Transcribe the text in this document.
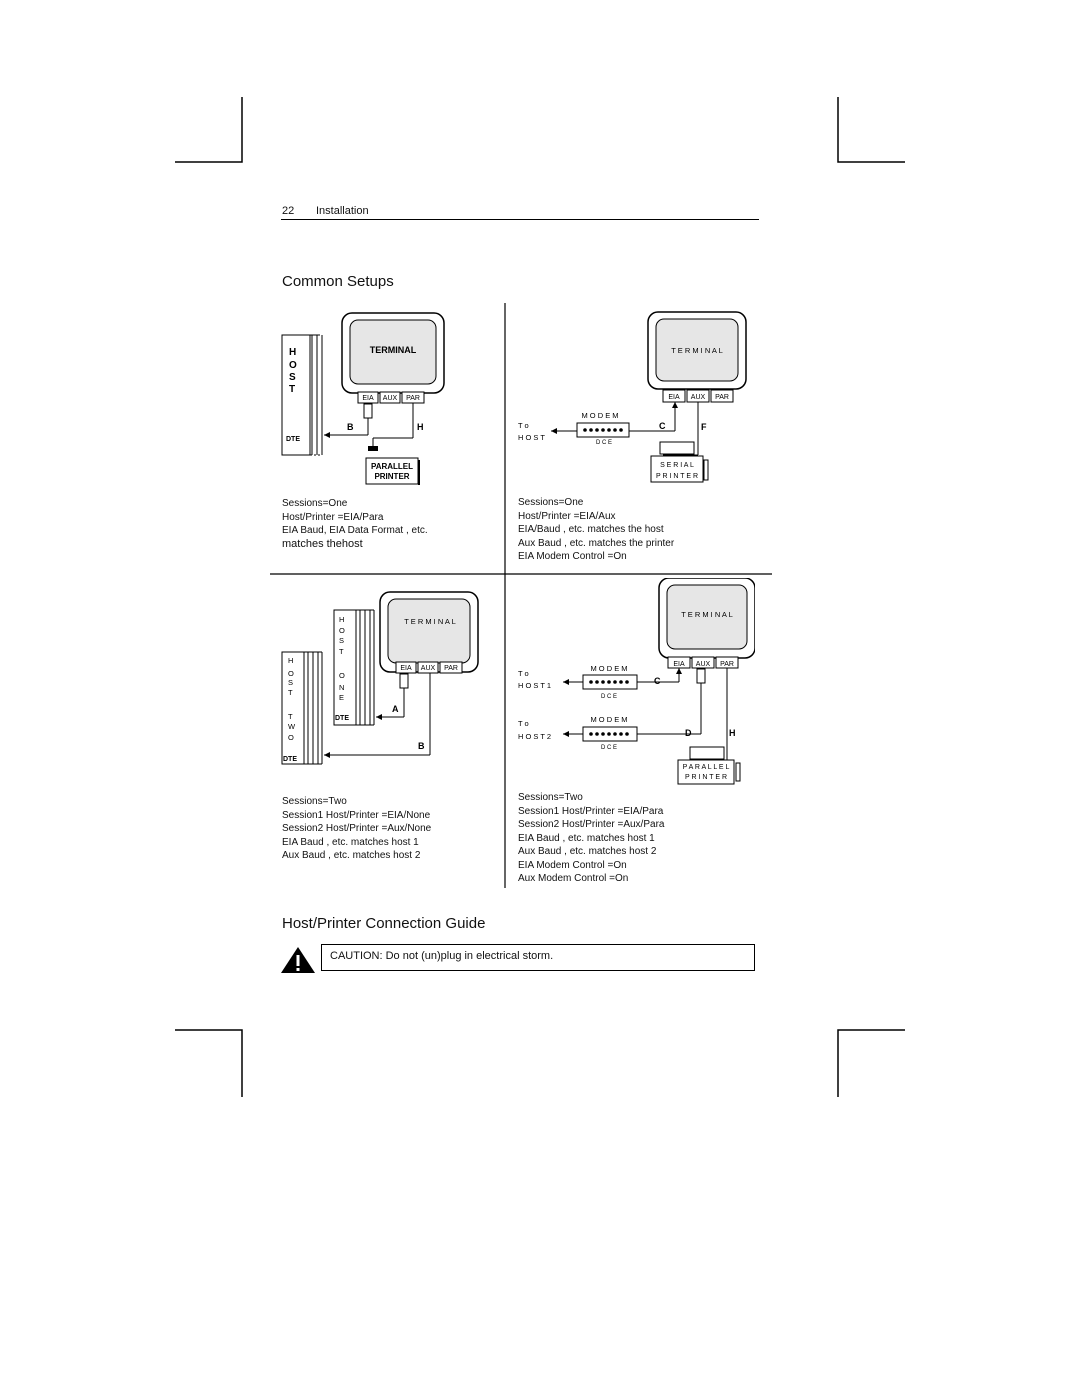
22 Installation
Common Setups
H
O
S
T
DTE
TERMINAL
EIA AUX PAR
B	H
PARALLEL
PRINTER
Sessions=One
Host/Printer =EIA/Para
EIA Baud, EIA Data Format , etc.
matches thehost
T E R M I N A L
EIA AUX PAR
M O D E M
D C E
T o
H O S T
C	F
S E R I A L
P R I N T E R
Sessions=One
Host/Printer =EIA/Aux
EIA/Baud , etc. matches the host
Aux Baud , etc. matches the printer
EIA Modem Control =On
H
O
S
T
T
W
O
DTE
H
O
S
T
O
N
E
DTE
T E R M I N A L
EIA AUX PAR
A
B
Sessions=Two
Session1 Host/Printer =EIA/None
Session2 Host/Printer =Aux/None
EIA Baud , etc. matches host 1
Aux Baud , etc. matches host 2
T E R M I N A L
EIA AUX PAR
M O D E M
D C E
T o
H O S T 1	C
M O D E M
D C E
T o
H O S T 2	D	H
P A R A L L E L
P R I N T E R
Sessions=Two
Session1 Host/Printer =EIA/Para
Session2 Host/Printer =Aux/Para
EIA Baud , etc. matches host 1
Aux Baud , etc. matches host 2
EIA Modem Control =On
Aux Modem Control =On
Host/Printer Connection Guide
CAUTION: Do not (un)plug in electrical storm.
